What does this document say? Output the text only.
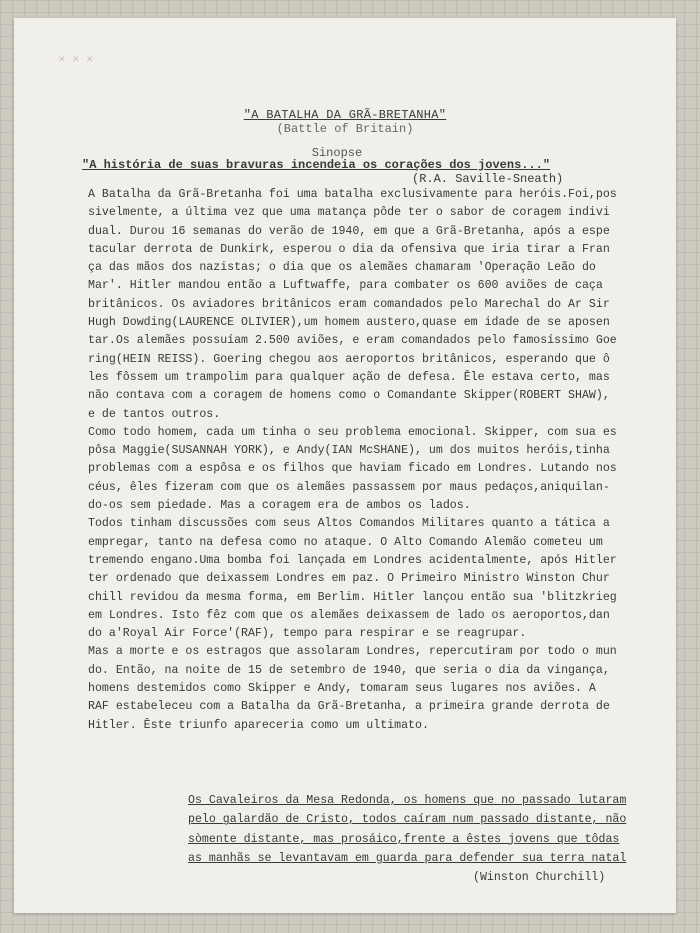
✕ ✕ ✕
"A BATALHA DA GRÃ-BRETANHA"
(Battle of Britain)
Sinopse
"A história de suas bravuras incendeia os corações dos jovens..."
(R.A. Saville-Sneath)
A Batalha da Grã-Bretanha foi uma batalha exclusivamente para heróis.Foi,pos
sivelmente, a última vez que uma matança pôde ter o sabor de coragem indivi
dual. Durou 16 semanas do verão de 1940, em que a Grã-Bretanha, após a espe
tacular derrota de Dunkirk, esperou o dia da ofensiva que iria tirar a Fran
ça das mãos dos nazistas; o dia que os alemães chamaram 'Operação Leão do
Mar'. Hitler mandou então a Luftwaffe, para combater os 600 aviões de caça
britânicos. Os aviadores britânicos eram comandados pelo Marechal do Ar Sir
Hugh Dowding(LAURENCE OLIVIER),um homem austero,quase em idade de se aposen
tar.Os alemães possuíam 2.500 aviões, e eram comandados pelo famosíssimo Goe
ring(HEIN REISS). Goering chegou aos aeroportos britânicos, esperando que ô
les fôssem um trampolim para qualquer ação de defesa. Êle estava certo, mas
não contava com a coragem de homens como o Comandante Skipper(ROBERT SHAW),
e de tantos outros.
Como todo homem, cada um tinha o seu problema emocional. Skipper, com sua es
pôsa Maggie(SUSANNAH YORK), e Andy(IAN McSHANE), um dos muitos heróis,tinha
problemas com a espôsa e os filhos que haviam ficado em Londres. Lutando nos
céus, êles fizeram com que os alemães passassem por maus pedaços,aniquilan-
do-os sem piedade. Mas a coragem era de ambos os lados.
Todos tinham discussões com seus Altos Comandos Militares quanto a tática a
empregar, tanto na defesa como no ataque. O Alto Comando Alemão cometeu um
tremendo engano.Uma bomba foi lançada em Londres acidentalmente, após Hitler
ter ordenado que deixassem Londres em paz. O Primeiro Ministro Winston Chur
chill revidou da mesma forma, em Berlim. Hitler lançou então sua 'blitzkrieg
em Londres. Isto fêz com que os alemães deixassem de lado os aeroportos,dan
do a'Royal Air Force'(RAF), tempo para respirar e se reagrupar.
Mas a morte e os estragos que assolaram Londres, repercutiram por todo o mun
do. Então, na noite de 15 de setembro de 1940, que seria o dia da vingança,
homens destemidos como Skipper e Andy, tomaram seus lugares nos aviões. A
RAF estabeleceu com a Batalha da Grã-Bretanha, a primeira grande derrota de
Hitler. Êste triunfo apareceria como um ultimato.
Os Cavaleiros da Mesa Redonda, os homens que no passado lutaram
pelo galardão de Cristo, todos caíram num passado distante, não
sòmente distante, mas prosáico,frente a êstes jovens que tôdas
as manhãs se levantavam em guarda para defender sua terra natal
(Winston Churchill)
